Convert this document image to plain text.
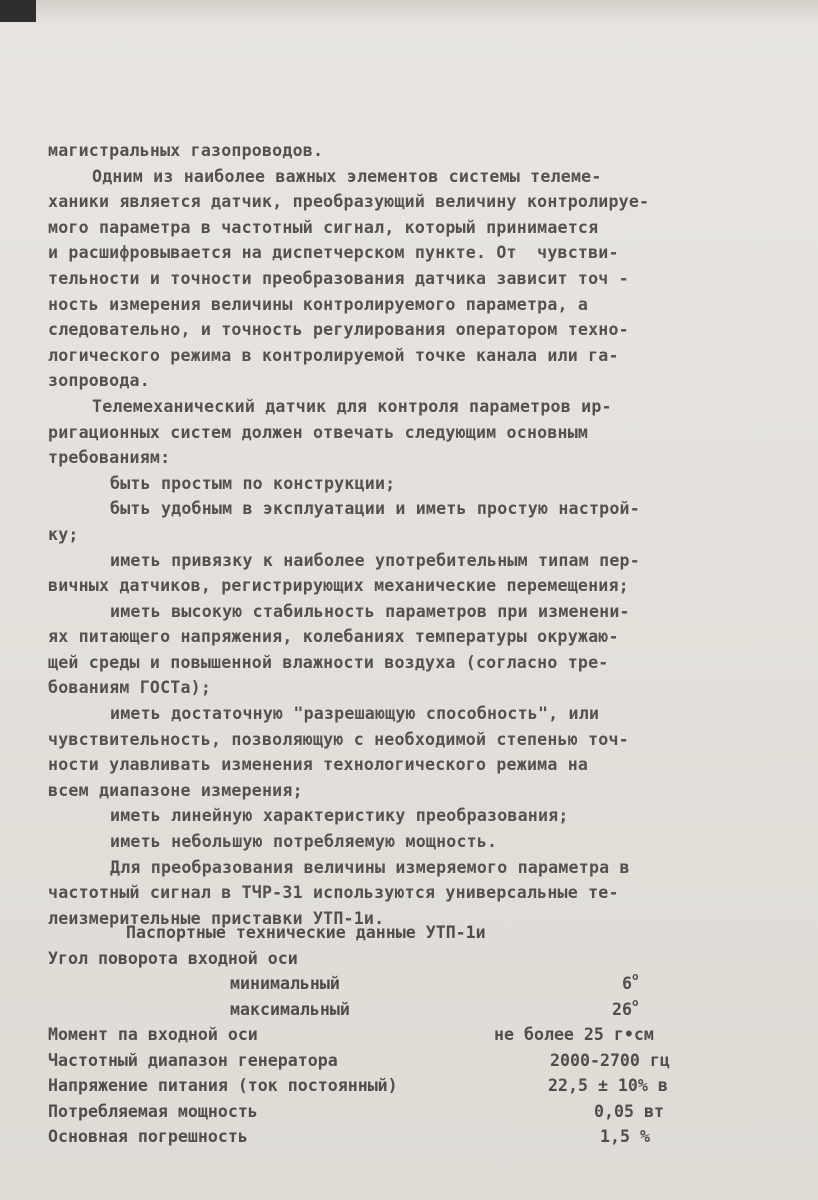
магистральных газопроводов.
Одним из наиболее важных элементов системы телеме-
ханики является датчик, преобразующий величину контролируе-
мого параметра в частотный сигнал, который принимается
и расшифровывается на диспетчерском пункте. От  чувстви-
тельности и точности преобразования датчика зависит точ -
ность измерения величины контролируемого параметра, а
следовательно, и точность регулирования оператором техно-
логического режима в контролируемой точке канала или га-
зопровода.
Телемеханический датчик для контроля параметров ир-
ригационных систем должен отвечать следующим основным
требованиям:
быть простым по конструкции;
быть удобным в эксплуатации и иметь простую настрой-
ку;
иметь привязку к наиболее употребительным типам пер-
вичных датчиков, регистрирующих механические перемещения;
иметь высокую стабильность параметров при изменени-
ях питающего напряжения, колебаниях температуры окружаю-
щей среды и повышенной влажности воздуха (согласно тре-
бованиям ГОСТа);
иметь достаточную "разрешающую способность", или
чувствительность, позволяющую с необходимой степенью точ-
ности улавливать изменения технологического режима на
всем диапазоне измерения;
иметь линейную характеристику преобразования;
иметь небольшую потребляемую мощность.
Для преобразования величины измеряемого параметра в
частотный сигнал в ТЧР-31 используются универсальные те-
леизмерительные приставки УТП-1и.

Паспортные технические данные УТП-1и

Угол поворота входной оси

минимальный

	$6^о$

максимальный

	$26^о$

Момент па входной оси

	не более 25 г•см

Частотный диапазон генератора

	2000-2700 гц

Напряжение питания (ток постоянный)

	22,5 ± 10% в

Потребляемая мощность

	0,05 вт

Основная погрешность

	1,5 %
